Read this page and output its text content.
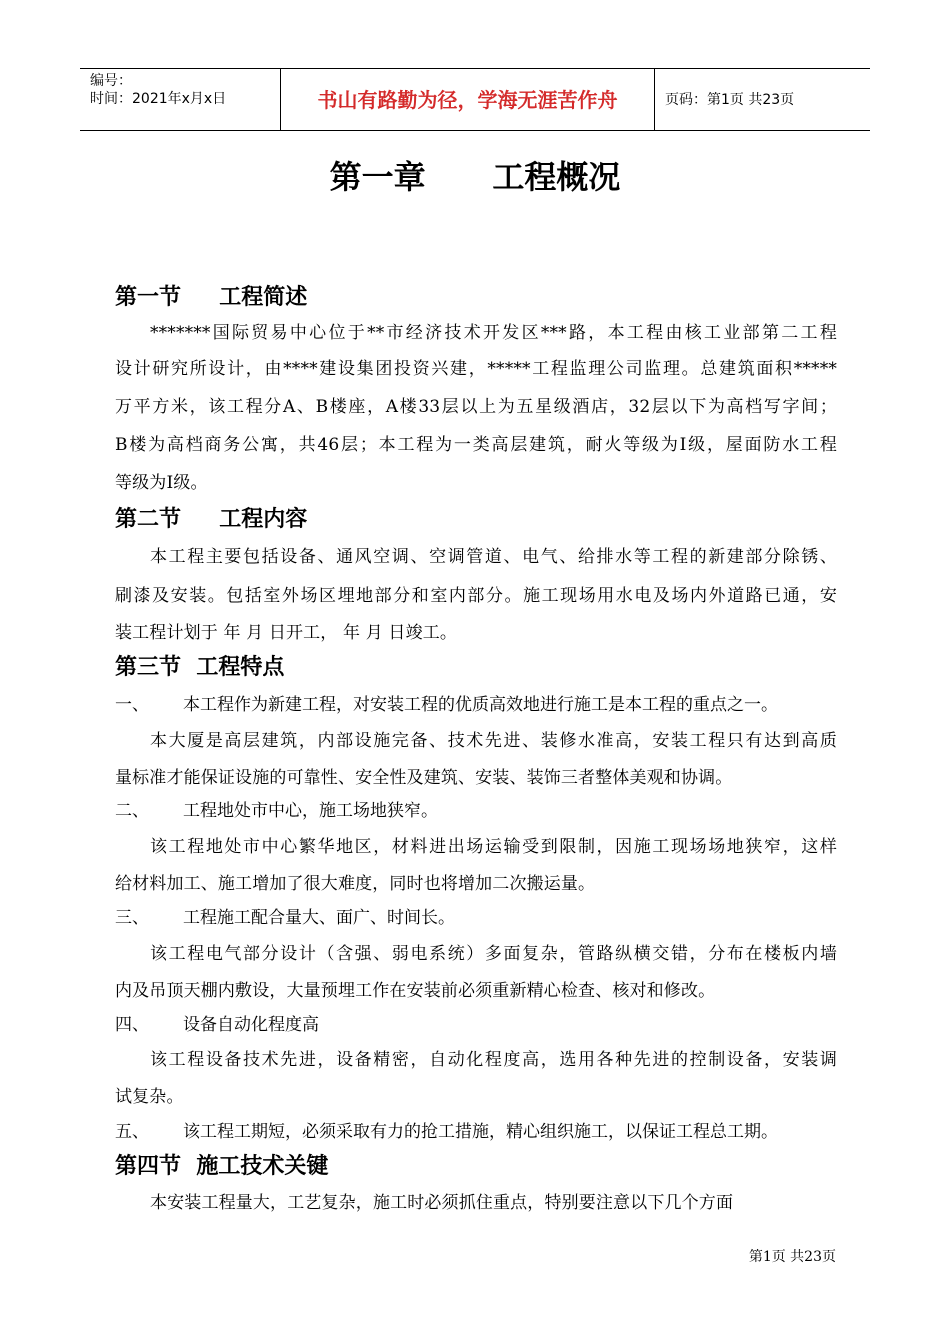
编号：
时间：2021年x月x日	书山有路勤为径，学海无涯苦作舟	页码：第1页 共23页
第一章      工程概况
第一节     工程简述
*******国际贸易中心位于**市经济技术开发区***路，本工程由核工业部第二工程
设计研究所设计，由****建设集团投资兴建，*****工程监理公司监理。总建筑面积*****
万平方米，该工程分A、B楼座，A楼33层以上为五星级酒店，32层以下为高档写字间；
B楼为高档商务公寓，共46层；本工程为一类高层建筑，耐火等级为I级，屋面防水工程
等级为I级。
第二节     工程内容
本工程主要包括设备、通风空调、空调管道、电气、给排水等工程的新建部分除锈、
刷漆及安装。包括室外场区埋地部分和室内部分。施工现场用水电及场内外道路已通，安
装工程计划于 年 月 日开工， 年 月 日竣工。
第三节  工程特点
一、 本工程作为新建工程，对安装工程的优质高效地进行施工是本工程的重点之一。
本大厦是高层建筑，内部设施完备、技术先进、装修水准高，安装工程只有达到高质
量标准才能保证设施的可靠性、安全性及建筑、安装、装饰三者整体美观和协调。
二、 工程地处市中心，施工场地狭窄。
该工程地处市中心繁华地区，材料进出场运输受到限制，因施工现场场地狭窄，这样
给材料加工、施工增加了很大难度，同时也将增加二次搬运量。
三、 工程施工配合量大、面广、时间长。
该工程电气部分设计（含强、弱电系统）多面复杂，管路纵横交错，分布在楼板内墙
内及吊顶天棚内敷设，大量预埋工作在安装前必须重新精心检查、核对和修改。
四、 设备自动化程度高
该工程设备技术先进，设备精密，自动化程度高，选用各种先进的控制设备，安装调
试复杂。
五、 该工程工期短，必须采取有力的抢工措施，精心组织施工，以保证工程总工期。
第四节  施工技术关键
本安装工程量大，工艺复杂，施工时必须抓住重点，特别要注意以下几个方面
第1页 共23页
